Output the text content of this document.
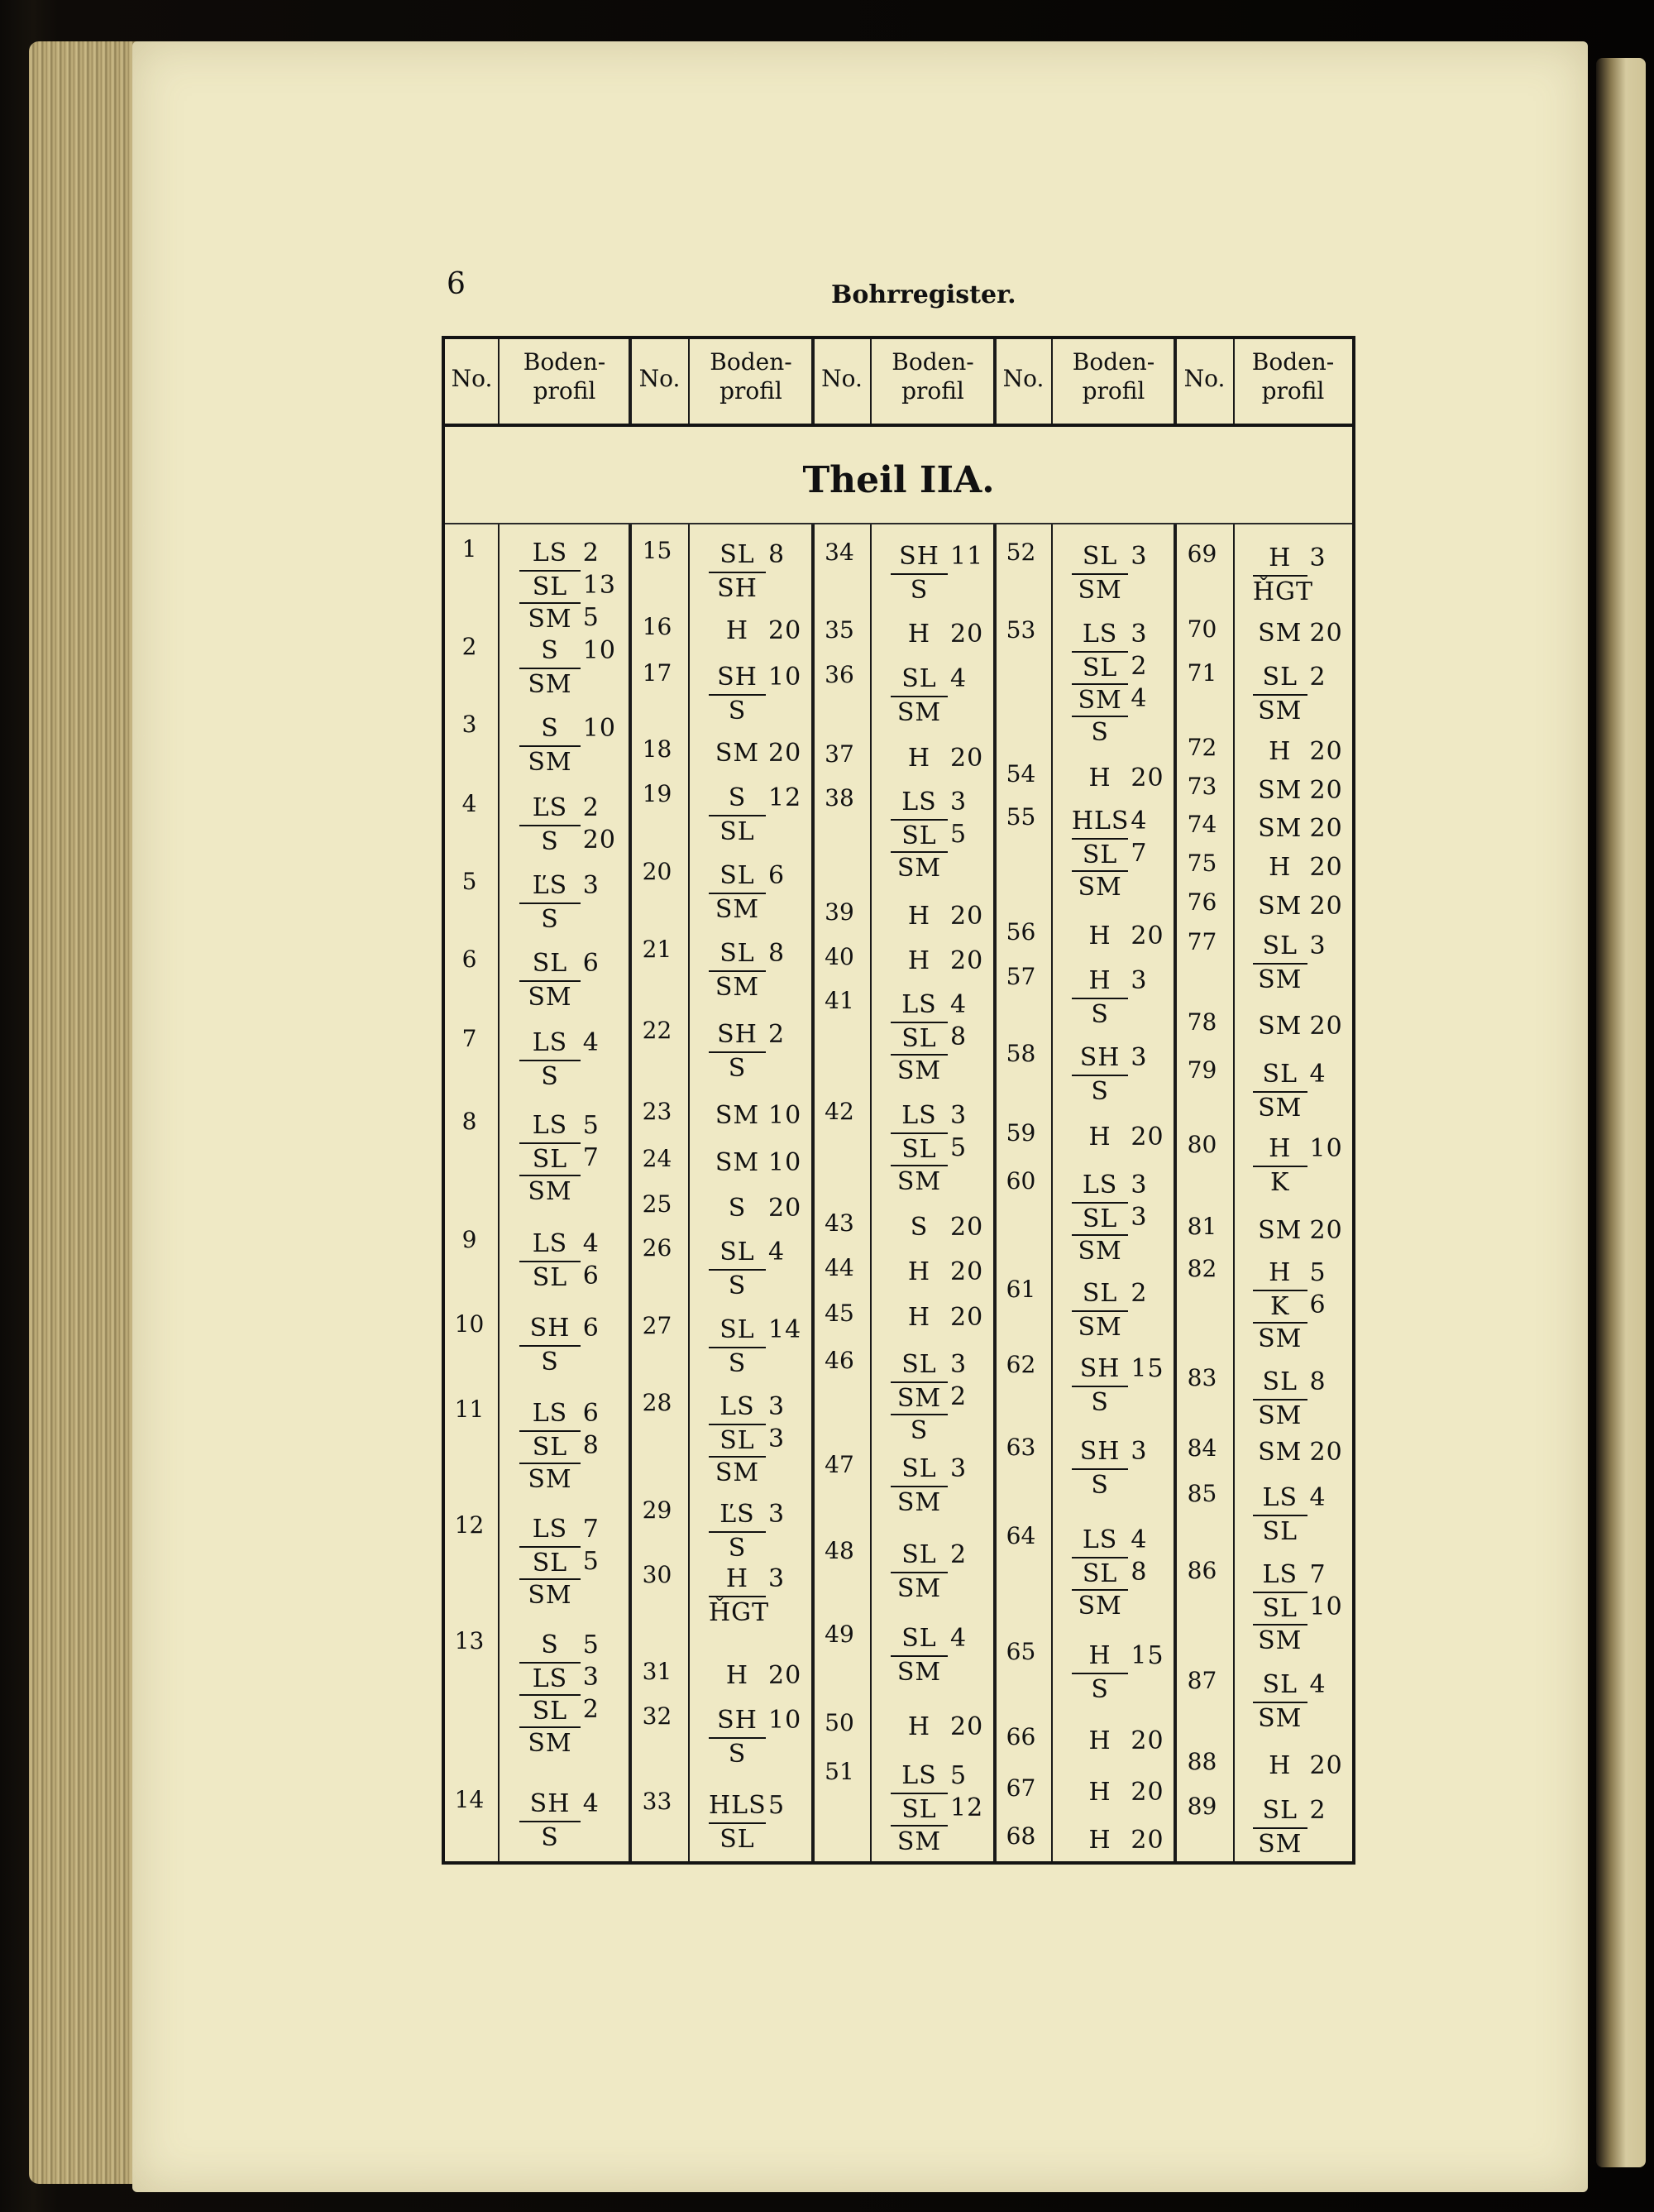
6	Bohrregister.
Theil IIA.
No.
Boden-
profil	No.
Boden-
profil	No.
Boden-
profil	No.
Boden-
profil	No.
Boden-
profil
1	LS 2
SL 13
SM 5
2	S 10
SM
3	S 10
SM
4	ĽS 2
S 20
5	ĽS 3
S
6	SL 6
SM
7	LS 4
S
8	LS 5
SL 7
SM
9	LS 4
SL 6
10	SH 6
S
11	LS 6
SL 8
SM
12	LS 7
SL 5
SM
13	S 5
LS 3
SL 2
SM
14	SH 4
S
15	SL 8
SH
16	H 20
17	SH 10
S
18	SM 20
19	S 12
SL
20	SL 6
SM
21	SL 8
SM
22	SH 2
S
23	SM 10
24	SM 10
25	S 20
26	SL 4
S
27	SL 14
S
28	LS 3
SL 3
SM
29	ĽS 3
S
30	H 3
ȞGT
31	H 20
32	SH 10
S
33	HLS 5
SL
34	SH 11
S
35	H 20
36	SL 4
SM
37	H 20
38	LS 3
SL 5
SM
39	H 20
40	H 20
41	LS 4
SL 8
SM
42	LS 3
SL 5
SM
43	S 20
44	H 20
45	H 20
46	SL 3
SM 2
S
47	SL 3
SM
48	SL 2
SM
49	SL 4
SM
50	H 20
51	LS 5
SL 12
SM
52	SL 3
SM
53	LS 3
SL 2
SM 4
S
54	H 20
55	HLS 4
SL 7
SM
56	H 20
57	H 3
S
58	SH 3
S
59	H 20
60	LS 3
SL 3
SM
61	SL 2
SM
62	SH 15
S
63	SH 3
S
64	LS 4
SL 8
SM
65	H 15
S
66	H 20
67	H 20
68	H 20
69	H 3
ȞGT
70	SM 20
71	SL 2
SM
72	H 20
73	SM 20
74	SM 20
75	H 20
76	SM 20
77	SL 3
SM
78	SM 20
79	SL 4
SM
80	H 10
K
81	SM 20
82	H 5
K 6
SM
83	SL 8
SM
84	SM 20
85	LS 4
SL
86	LS 7
SL 10
SM
87	SL 4
SM
88	H 20
89	SL 2
SM
